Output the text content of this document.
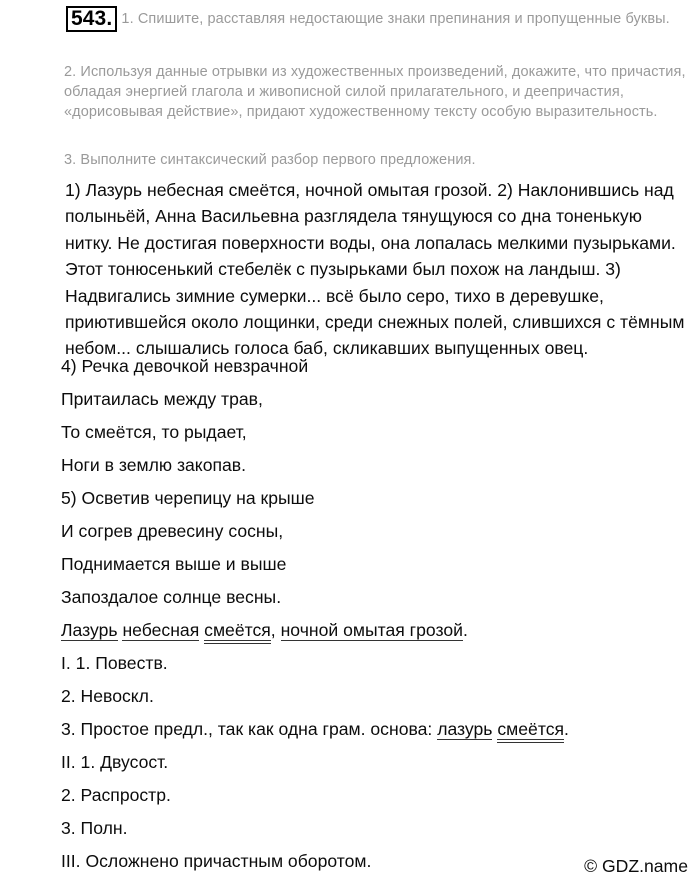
543. 1. Спишите, расставляя недостающие знаки препинания и пропущенные буквы.
2. Используя данные отрывки из художественных произведений, докажите, что причастия, обладая энергией глагола и живописной силой прилагательного, и деепричастия, «дорисовывая действие», придают художественному тексту особую выразительность.
3. Выполните синтаксический разбор первого предложения.
1) Лазурь небесная смеётся, ночной омытая грозой. 2) Наклонившись над полыньёй, Анна Васильевна разглядела тянущуюся со дна тоненькую нитку. Не достигая поверхности воды, она лопалась мелкими пузырьками. Этот тонюсенький стебелёк с пузырьками был похож на ландыш. 3) Надвигались зимние сумерки... всё было серо, тихо в деревушке, приютившейся около лощинки, среди снежных полей, слившихся с тёмным небом... слышались голоса баб, скликавших выпущенных овец.
4) Речка девочкой невзрачной
Притаилась между трав,
То смеётся, то рыдает,
Ноги в землю закопав.
5) Осветив черепицу на крыше
И согрев древесину сосны,
Поднимается выше и выше
Запоздалое солнце весны.
Лазурь небесная смеётся, ночной омытая грозой.
I. 1. Повеств.
2. Невоскл.
3. Простое предл., так как одна грам. основа: лазурь смеётся.
II. 1. Двусост.
2. Распростр.
3. Полн.
III. Осложнено причастным оборотом.	© GDZ.name
